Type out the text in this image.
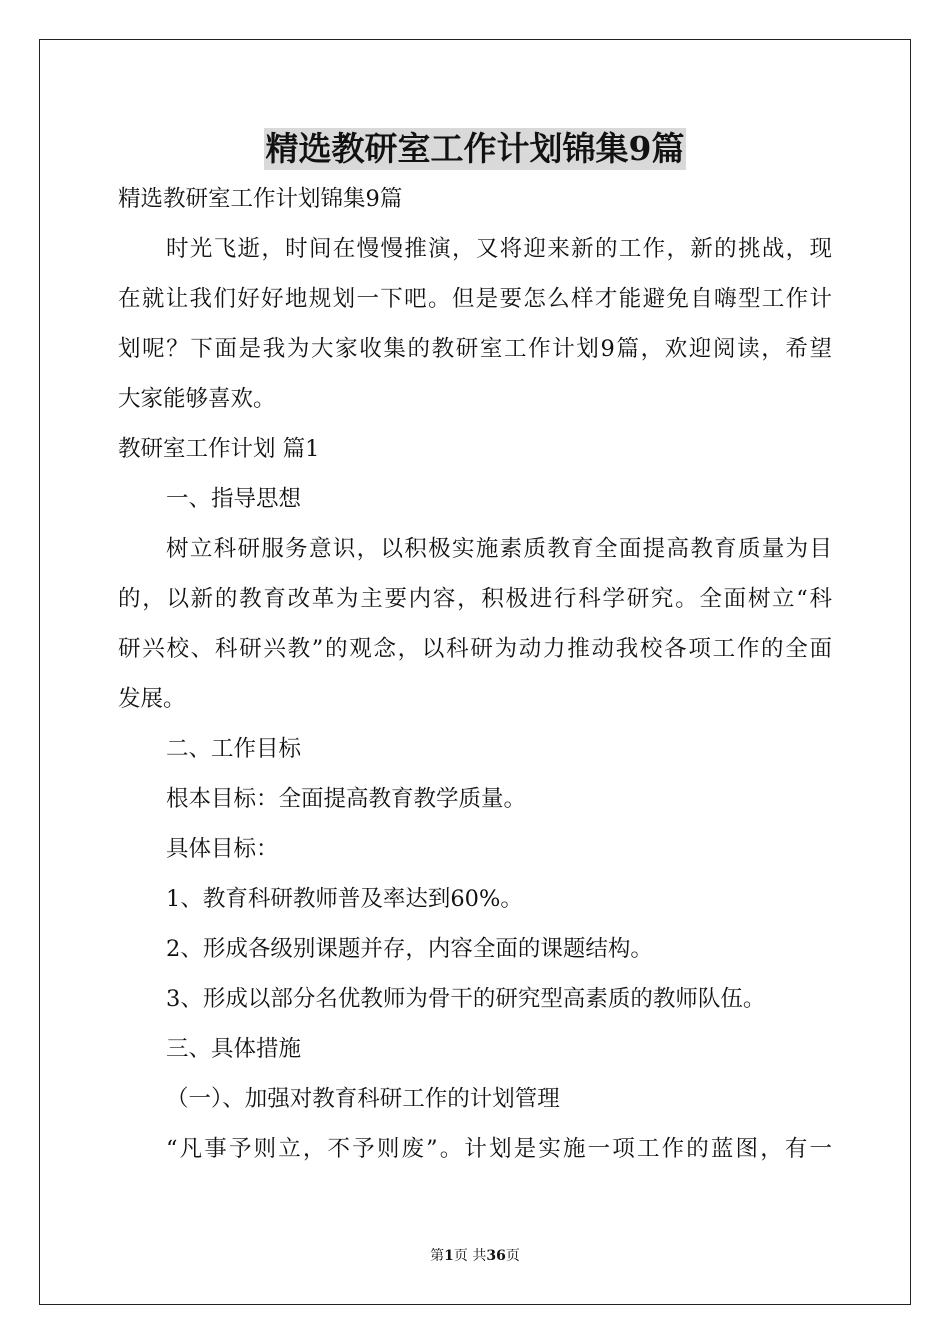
精选教研室工作计划锦集9篇
精选教研室工作计划锦集9篇
时光飞逝，时间在慢慢推演，又将迎来新的工作，新的挑战，现
在就让我们好好地规划一下吧。但是要怎么样才能避免自嗨型工作计
划呢？下面是我为大家收集的教研室工作计划9篇，欢迎阅读，希望
大家能够喜欢。
教研室工作计划 篇1
一、指导思想
树立科研服务意识，以积极实施素质教育全面提高教育质量为目
的，以新的教育改革为主要内容，积极进行科学研究。全面树立“科
研兴校、科研兴教”的观念，以科研为动力推动我校各项工作的全面
发展。
二、工作目标
根本目标：全面提高教育教学质量。
具体目标：
1、教育科研教师普及率达到60%。
2、形成各级别课题并存，内容全面的课题结构。
3、形成以部分名优教师为骨干的研究型高素质的教师队伍。
三、具体措施
（一）、加强对教育科研工作的计划管理
“凡事予则立，不予则废”。计划是实施一项工作的蓝图，有一
第1页 共36页
